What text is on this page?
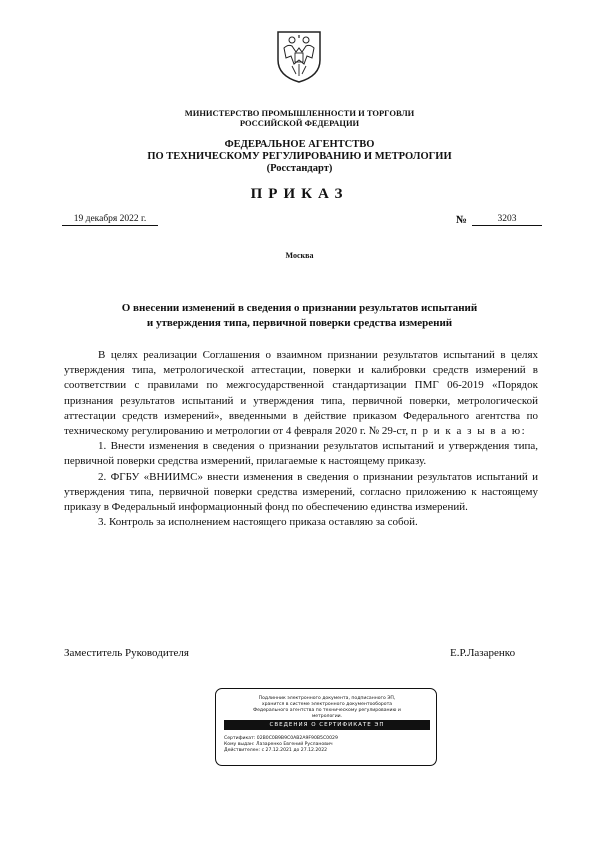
МИНИСТЕРСТВО ПРОМЫШЛЕННОСТИ И ТОРГОВЛИ
РОССИЙСКОЙ ФЕДЕРАЦИИ
ФЕДЕРАЛЬНОЕ АГЕНТСТВО
ПО ТЕХНИЧЕСКОМУ РЕГУЛИРОВАНИЮ И МЕТРОЛОГИИ
(Росстандарт)
ПРИКАЗ
19 декабря 2022 г.	№	3203
Москва
О внесении изменений в сведения о признании результатов испытаний
и утверждения типа, первичной поверки средства измерений

В целях реализации Соглашения о взаимном признании результатов испытаний в целях утверждения типа, метрологической аттестации, поверки и калибровки средств измерений в соответствии с правилами по межгосударственной стандартизации ПМГ 06-2019 «Порядок признания результатов испытаний и утверждения типа, первичной поверки, метрологической аттестации средств измерений», введенными в действие приказом Федерального агентства по техническому регулированию и метрологии от 4 февраля 2020 г. № 29-ст, п р и к а з ы в а ю:

1. Внести изменения в сведения о признании результатов испытаний и утверждения типа, первичной поверки средства измерений, прилагаемые к настоящему приказу.

2. ФГБУ «ВНИИМС» внести изменения в сведения о признании результатов испытаний и утверждения типа, первичной поверки средства измерений, согласно приложению к настоящему приказу в Федеральный информационный фонд по обеспечению единства измерений.

3. Контроль за исполнением настоящего приказа оставляю за собой.

Заместитель Руководителя	Е.Р.Лазаренко
Подлинник электронного документа, подписанного ЭП,
хранится в системе электронного документооборота
Федерального агентства по техническому регулированию и
метрологии.
СВЕДЕНИЯ О СЕРТИФИКАТЕ ЭП
Сертификат: 02B0C0B9B9C0AB2A9F90B5C0029
Кому выдан: Лазаренко Евгений Русланович
Действителен: с 27.12.2021 до 27.12.2022
